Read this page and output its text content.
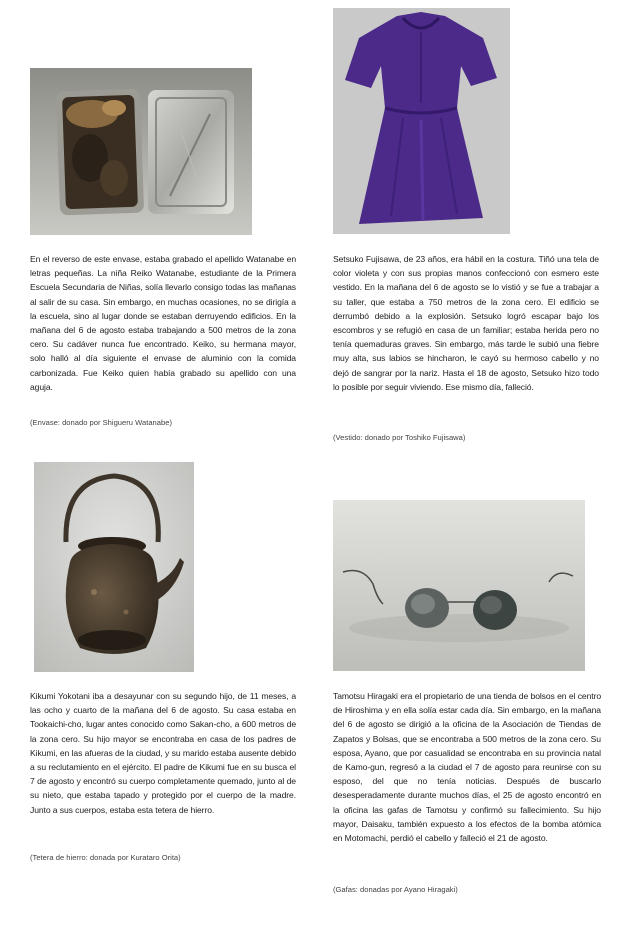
En el reverso de este envase, estaba grabado el apellido Watanabe en letras pequeñas. La niña Reiko Watanabe, estudiante de la Primera Escuela Secundaria de Niñas, solía llevarlo consigo todas las mañanas al salir de su casa. Sin embargo, en muchas ocasiones, no se dirigía a la escuela, sino al lugar donde se estaban derruyendo edificios. En la mañana del 6 de agosto estaba trabajando a 500 metros de la zona cero. Su cadáver nunca fue encontrado. Keiko, su hermana mayor, solo halló al día siguiente el envase de aluminio con la comida carbonizada. Fue Keiko quien había grabado su apellido con una aguja.
(Envase: donado por Shigueru Watanabe)
Setsuko Fujisawa, de 23 años, era hábil en la costura. Tiñó una tela de color violeta y con sus propias manos confeccionó con esmero este vestido. En la mañana del 6 de agosto se lo vistió y se fue a trabajar a su taller, que estaba a 750 metros de la zona cero. El edificio se derrumbó debido a la explosión. Setsuko logró escapar bajo los escombros y se refugió en casa de un familiar; estaba herida pero no tenía quemaduras graves. Sin embargo, más tarde le subió una fiebre muy alta, sus labios se hincharon, le cayó su hermoso cabello y no dejó de sangrar por la nariz. Hasta el 18 de agosto, Setsuko hizo todo lo posible por seguir viviendo. Ese mismo día, falleció.
(Vestido: donado por Toshiko Fujisawa)
Kikumi Yokotani iba a desayunar con su segundo hijo, de 11 meses, a las ocho y cuarto de la mañana del 6 de agosto. Su casa estaba en Tookaichi-cho, lugar antes conocido como Sakan-cho, a 600 metros de la zona cero. Su hijo mayor se encontraba en casa de los padres de Kikumi, en las afueras de la ciudad, y su marido estaba ausente debido a su reclutamiento en el ejército. El padre de Kikumi fue en su busca el 7 de agosto y encontró su cuerpo completamente quemado, junto al de su nieto, que estaba tapado y protegido por el cuerpo de la madre. Junto a sus cuerpos, estaba esta tetera de hierro.
(Tetera de hierro: donada por Kurataro Orita)
Tamotsu Hiragaki era el propietario de una tienda de bolsos en el centro de Hiroshima y en ella solía estar cada día. Sin embargo, en la mañana del 6 de agosto se dirigió a la oficina de la Asociación de Tiendas de Zapatos y Bolsas, que se encontraba a 500 metros de la zona cero. Su esposa, Ayano, que por casualidad se encontraba en su provincia natal de Kamo-gun, regresó a la ciudad el 7 de agosto para reunirse con su esposo, del que no tenía noticias. Después de buscarlo desesperadamente durante muchos días, el 25 de agosto encontró en la oficina las gafas de Tamotsu y confirmó su fallecimiento. Su hijo mayor, Daisaku, también expuesto a los efectos de la bomba atómica en Motomachi, perdió el cabello y falleció el 21 de agosto.
(Gafas: donadas por Ayano Hiragaki)
